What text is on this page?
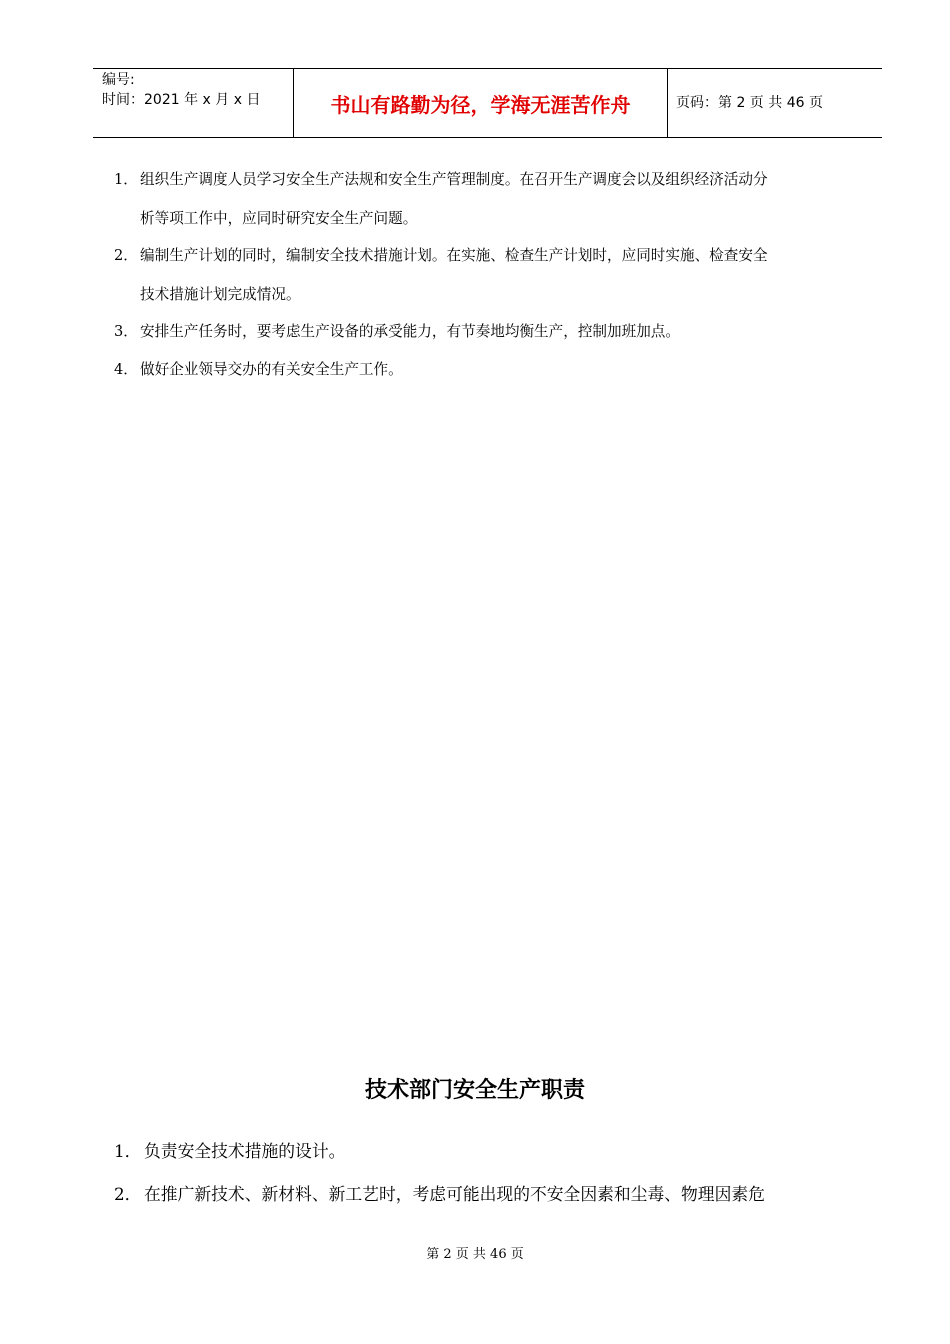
编号:
时间：2021 年 x 月 x 日	书山有路勤为径，学海无涯苦作舟	页码：第 2 页 共 46 页
1． 组织生产调度人员学习安全生产法规和安全生产管理制度。在召开生产调度会以及组织经济活动分
析等项工作中，应同时研究安全生产问题。
2． 编制生产计划的同时，编制安全技术措施计划。在实施、检查生产计划时，应同时实施、检查安全
技术措施计划完成情况。
3． 安排生产任务时，要考虑生产设备的承受能力，有节奏地均衡生产，控制加班加点。
4． 做好企业领导交办的有关安全生产工作。
技术部门安全生产职责
1． 负责安全技术措施的设计。
2． 在推广新技术、新材料、新工艺时，考虑可能出现的不安全因素和尘毒、物理因素危
第 2 页 共 46 页
